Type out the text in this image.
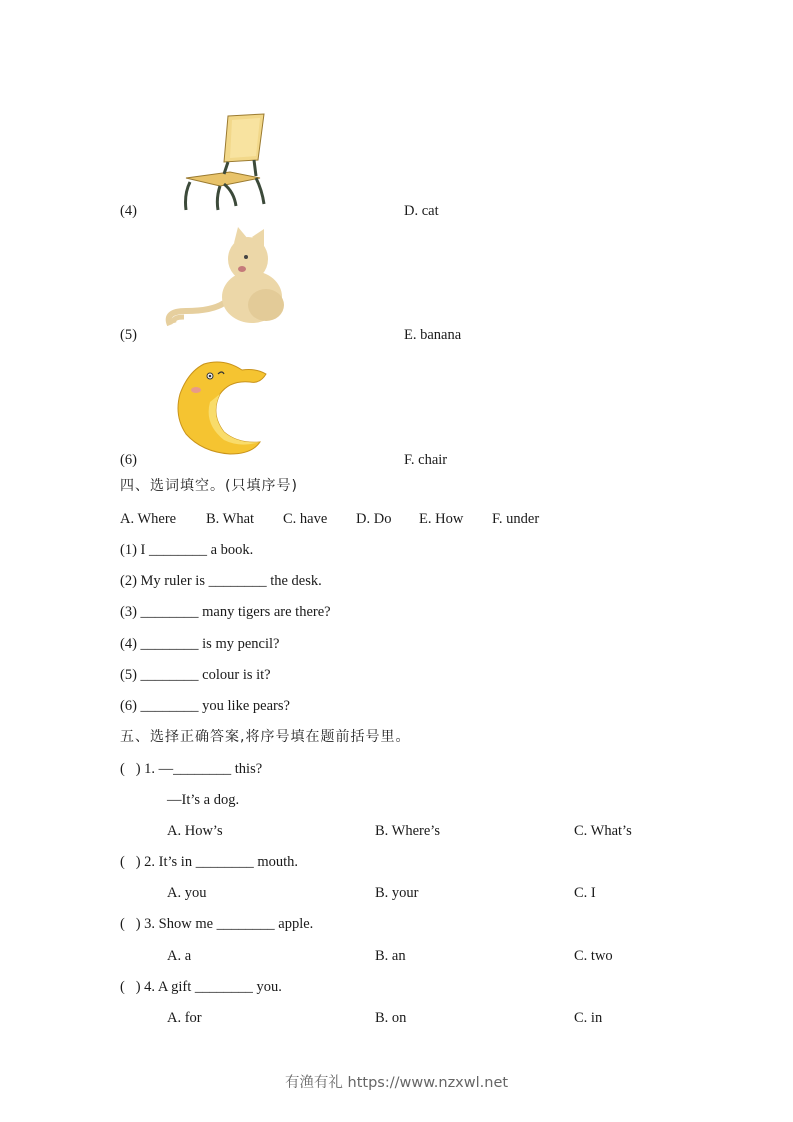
(4)	D. cat
(5)	E. banana
(6)	F. chair
四、选词填空。(只填序号)
A. Where B. What C. have D. Do E. How F. under
(1) I ________ a book.
(2) My ruler is ________ the desk.
(3) ________ many tigers are there?
(4) ________ is my pencil?
(5) ________ colour is it?
(6) ________ you like pears?
五、选择正确答案,将序号填在题前括号里。
(   ) 1. —________ this?
—It’s a dog.
A. How’s	B. Where’s	C. What’s
(   ) 2. It’s in ________ mouth.
A. you	B. your	C. I
(   ) 3. Show me ________ apple.
A. a	B. an	C. two
(   ) 4. A gift ________ you.
A. for	B. on	C. in
有渔有礼 https://www.nzxwl.net
